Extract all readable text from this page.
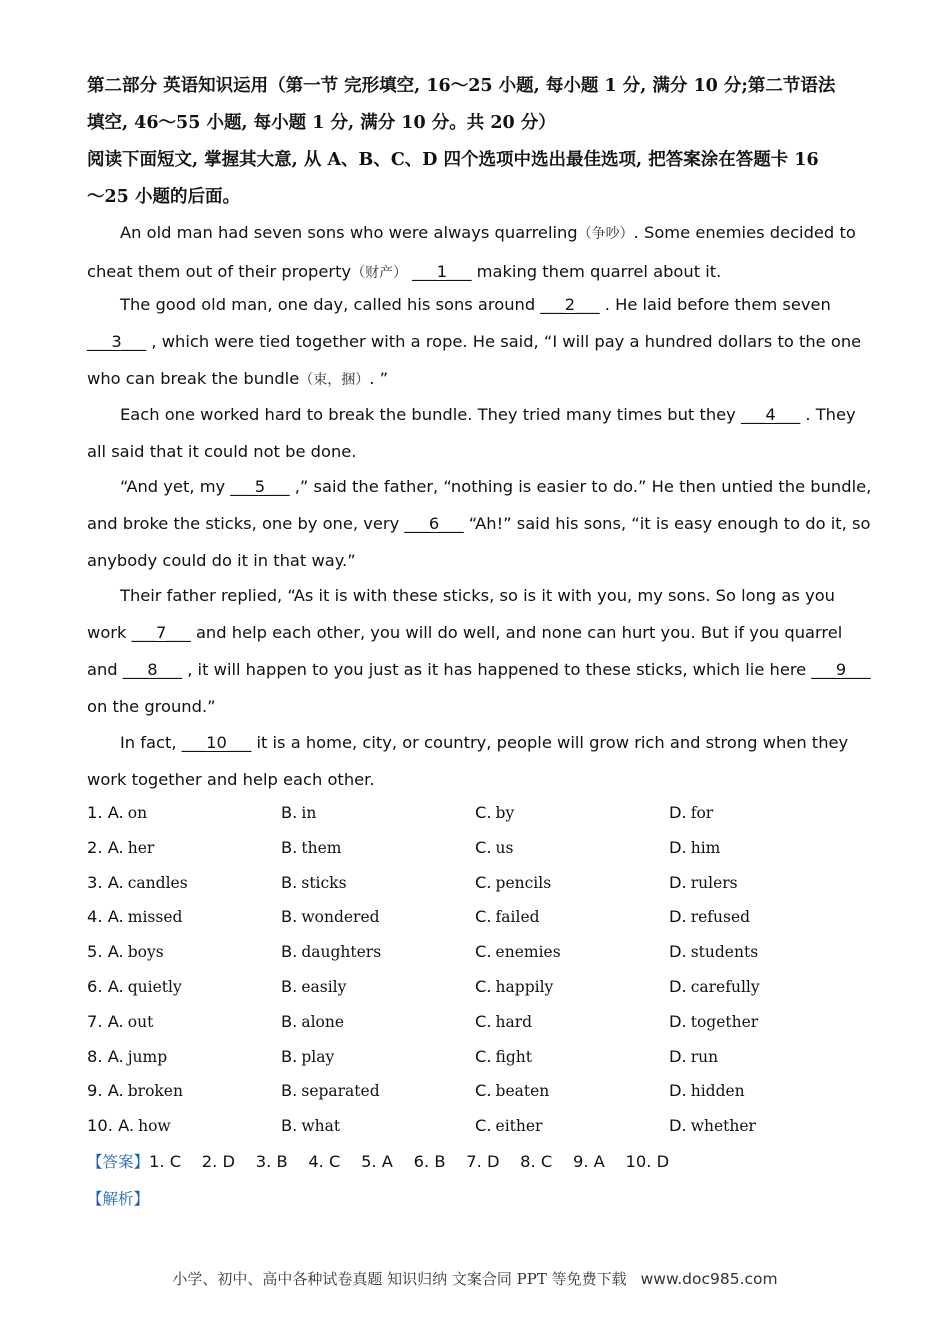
第二部分 英语知识运用（第一节 完形填空, 16～25 小题, 每小题 1 分, 满分 10 分;第二节语法
填空, 46～55 小题, 每小题 1 分, 满分 10 分。共 20 分）
阅读下面短文, 掌握其大意, 从 A、B、C、D 四个选项中选出最佳选项, 把答案涂在答题卡 16
～25 小题的后面。
An old man had seven sons who were always quarreling（争吵）. Some enemies decided to cheat them out of their property（财产） ___1___ making them quarrel about it.
The good old man, one day, called his sons around ___2___ . He laid before them seven ___3___ , which were tied together with a rope. He said, “I will pay a hundred dollars to the one who can break the bundle（束，捆）. ”
Each one worked hard to break the bundle. They tried many times but they ___4___ . They all said that it could not be done.
“And yet, my ___5___ ,” said the father, “nothing is easier to do.” He then untied the bundle, and broke the sticks, one by one, very ___6___ “Ah!” said his sons, “it is easy enough to do it, so anybody could do it in that way.”
Their father replied, “As it is with these sticks, so is it with you, my sons. So long as you work ___7___ and help each other, you will do well, and none can hurt you. But if you quarrel and ___8___ , it will happen to you just as it has happened to these sticks, which lie here ___9___ on the ground.”
In fact, ___10___ it is a home, city, or country, people will grow rich and strong when they work together and help each other.
1. A. on	B. in	C. by	D. for
2. A. her	B. them	C. us	D. him
3. A. candles	B. sticks	C. pencils	D. rulers
4. A. missed	B. wondered	C. failed	D. refused
5. A. boys	B. daughters	C. enemies	D. students
6. A. quietly	B. easily	C. happily	D. carefully
7. A. out	B. alone	C. hard	D. together
8. A. jump	B. play	C. fight	D. run
9. A. broken	B. separated	C. beaten	D. hidden
10. A. how	B. what	C. either	D. whether
【答案】1. C    2. D    3. B    4. C    5. A    6. B    7. D    8. C    9. A    10. D
【解析】
小学、初中、高中各种试卷真题 知识归纳 文案合同 PPT 等免费下载 www.doc985.com
